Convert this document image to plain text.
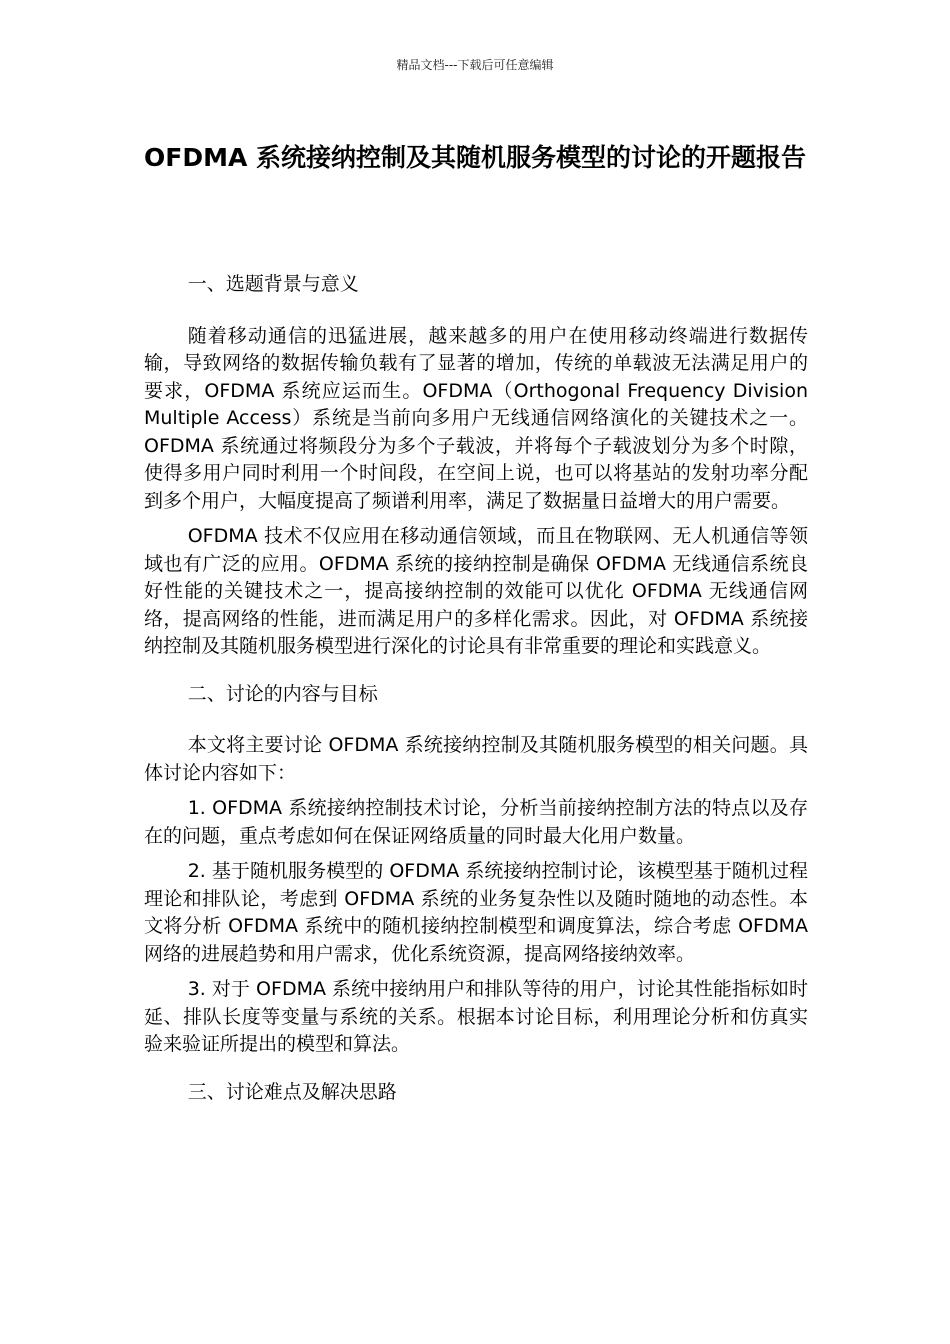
精品文档---下载后可任意编辑
OFDMA 系统接纳控制及其随机服务模型的讨论的开题报告

一、选题背景与意义

随着移动通信的迅猛进展，越来越多的用户在使用移动终端进行数据传输，导致网络的数据传输负载有了显著的增加，传统的单载波无法满足用户的要求，OFDMA 系统应运而生。OFDMA（Orthogonal Frequency Division Multiple Access）系统是当前向多用户无线通信网络演化的关键技术之一。OFDMA 系统通过将频段分为多个子载波，并将每个子载波划分为多个时隙，使得多用户同时利用一个时间段，在空间上说，也可以将基站的发射功率分配到多个用户，大幅度提高了频谱利用率，满足了数据量日益增大的用户需要。

OFDMA 技术不仅应用在移动通信领域，而且在物联网、无人机通信等领域也有广泛的应用。OFDMA 系统的接纳控制是确保 OFDMA 无线通信系统良好性能的关键技术之一，提高接纳控制的效能可以优化 OFDMA 无线通信网络，提高网络的性能，进而满足用户的多样化需求。因此，对 OFDMA 系统接纳控制及其随机服务模型进行深化的讨论具有非常重要的理论和实践意义。

二、讨论的内容与目标

本文将主要讨论 OFDMA 系统接纳控制及其随机服务模型的相关问题。具体讨论内容如下：

1. OFDMA 系统接纳控制技术讨论，分析当前接纳控制方法的特点以及存在的问题，重点考虑如何在保证网络质量的同时最大化用户数量。

2. 基于随机服务模型的 OFDMA 系统接纳控制讨论，该模型基于随机过程理论和排队论，考虑到 OFDMA 系统的业务复杂性以及随时随地的动态性。本文将分析 OFDMA 系统中的随机接纳控制模型和调度算法，综合考虑 OFDMA 网络的进展趋势和用户需求，优化系统资源，提高网络接纳效率。

3. 对于 OFDMA 系统中接纳用户和排队等待的用户，讨论其性能指标如时延、排队长度等变量与系统的关系。根据本讨论目标，利用理论分析和仿真实验来验证所提出的模型和算法。

三、讨论难点及解决思路
